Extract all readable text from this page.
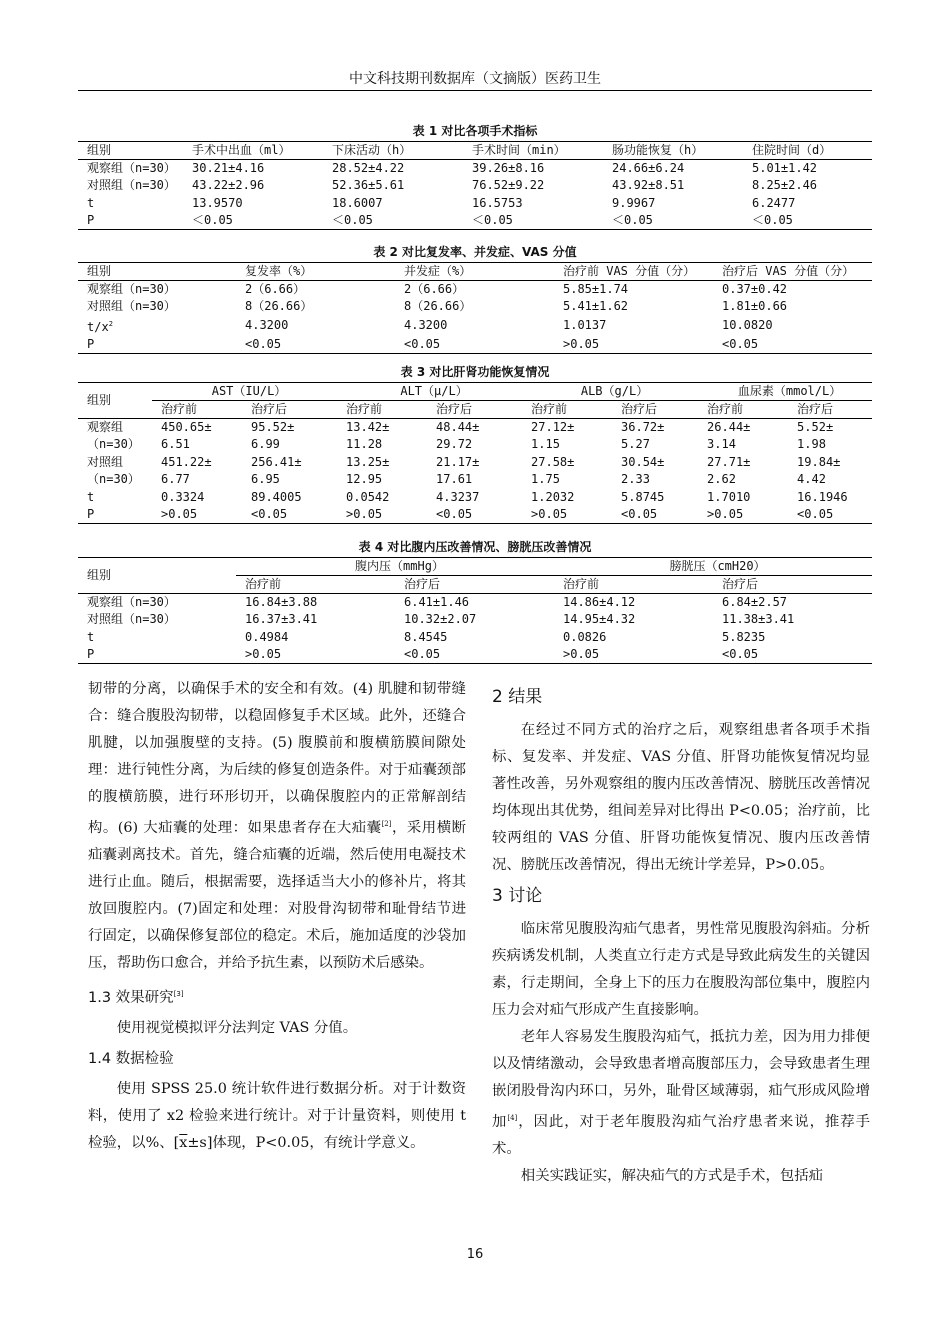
中文科技期刊数据库（文摘版）医药卫生
表 1 对比各项手术指标
组别	手术中出血（ml）	下床活动（h）	手术时间（min）	肠功能恢复（h）	住院时间（d）
观察组（n=30）	30.21±4.16	28.52±4.22	39.26±8.16	24.66±6.24	5.01±1.42
对照组（n=30）	43.22±2.96	52.36±5.61	76.52±9.22	43.92±8.51	8.25±2.46
t	13.9570	18.6007	16.5753	9.9967	6.2477
P	＜0.05	＜0.05	＜0.05	＜0.05	＜0.05
表 2 对比复发率、并发症、VAS 分值
组别	复发率（%）	并发症（%）	治疗前 VAS 分值（分）	治疗后 VAS 分值（分）
观察组（n=30）	2（6.66）	2（6.66）	5.85±1.74	0.37±0.42
对照组（n=30）	8（26.66）	8（26.66）	5.41±1.62	1.81±0.66
$t/x^2$	4.3200	4.3200	1.0137	10.0820
P	<0.05	<0.05	>0.05	<0.05
表 3 对比肝肾功能恢复情况
组别	AST（IU/L）		ALT（μ/L）		ALB（g/L）		血尿素（mmol/L）	
	治疗前	治疗后	治疗前	治疗后	治疗前	治疗后	治疗前	治疗后
观察组	450.65±	95.52±	13.42±	48.44±	27.12±	36.72±	26.44±	5.52±
（n=30）	6.51	6.99	11.28	29.72	1.15	5.27	3.14	1.98
对照组	451.22±	256.41±	13.25±	21.17±	27.58±	30.54±	27.71±	19.84±
（n=30）	6.77	6.95	12.95	17.61	1.75	2.33	2.62	4.42
t	0.3324	89.4005	0.0542	4.3237	1.2032	5.8745	1.7010	16.1946
P	>0.05	<0.05	>0.05	<0.05	>0.05	<0.05	>0.05	<0.05
表 4 对比腹内压改善情况、膀胱压改善情况
组别	腹内压（mmHg）		膀胱压（cmH20）	
	治疗前	治疗后	治疗前	治疗后
观察组（n=30）	16.84±3.88	6.41±1.46	14.86±4.12	6.84±2.57
对照组（n=30）	16.37±3.41	10.32±2.07	14.95±4.32	11.38±3.41
t	0.4984	8.4545	0.0826	5.8235
P	>0.05	<0.05	>0.05	<0.05

韧带的分离，以确保手术的安全和有效。(4) 肌腱和韧带缝合：缝合腹股沟韧带，以稳固修复手术区域。此外，还缝合肌腱，以加强腹壁的支持。(5) 腹膜前和腹横筋膜间隙处理：进行钝性分离，为后续的修复创造条件。对于疝囊颈部的腹横筋膜，进行环形切开，以确保腹腔内的正常解剖结构。(6) 大疝囊的处理：如果患者存在大疝囊[2]，采用横断疝囊剥离技术。首先，缝合疝囊的近端，然后使用电凝技术进行止血。随后，根据需要，选择适当大小的修补片，将其放回腹腔内。(7)固定和处理：对股骨沟韧带和耻骨结节进行固定，以确保修复部位的稳定。术后，施加适度的沙袋加压，帮助伤口愈合，并给予抗生素，以预防术后感染。

1.3 效果研究[3]

使用视觉模拟评分法判定 VAS 分值。

1.4 数据检验

使用 SPSS 25.0 统计软件进行数据分析。对于计数资料，使用了 x2 检验来进行统计。对于计量资料，则使用 t 检验，以%、$[\overline{x}\pm s]$体现，P<0.05，有统计学意义。

2 结果

在经过不同方式的治疗之后，观察组患者各项手术指标、复发率、并发症、VAS 分值、肝肾功能恢复情况均显著性改善，另外观察组的腹内压改善情况、膀胱压改善情况均体现出其优势，组间差异对比得出 P<0.05；治疗前，比较两组的 VAS 分值、肝肾功能恢复情况、腹内压改善情况、膀胱压改善情况，得出无统计学差异，P>0.05。

3 讨论

临床常见腹股沟疝气患者，男性常见腹股沟斜疝。分析疾病诱发机制，人类直立行走方式是导致此病发生的关键因素，行走期间，全身上下的压力在腹股沟部位集中，腹腔内压力会对疝气形成产生直接影响。

老年人容易发生腹股沟疝气，抵抗力差，因为用力排便以及情绪激动，会导致患者增高腹部压力，会导致患者生理嵌闭股骨沟内环口，另外，耻骨区域薄弱，疝气形成风险增加[4]，因此，对于老年腹股沟疝气治疗患者来说，推荐手术。

相关实践证实，解决疝气的方式是手术，包括疝

16
